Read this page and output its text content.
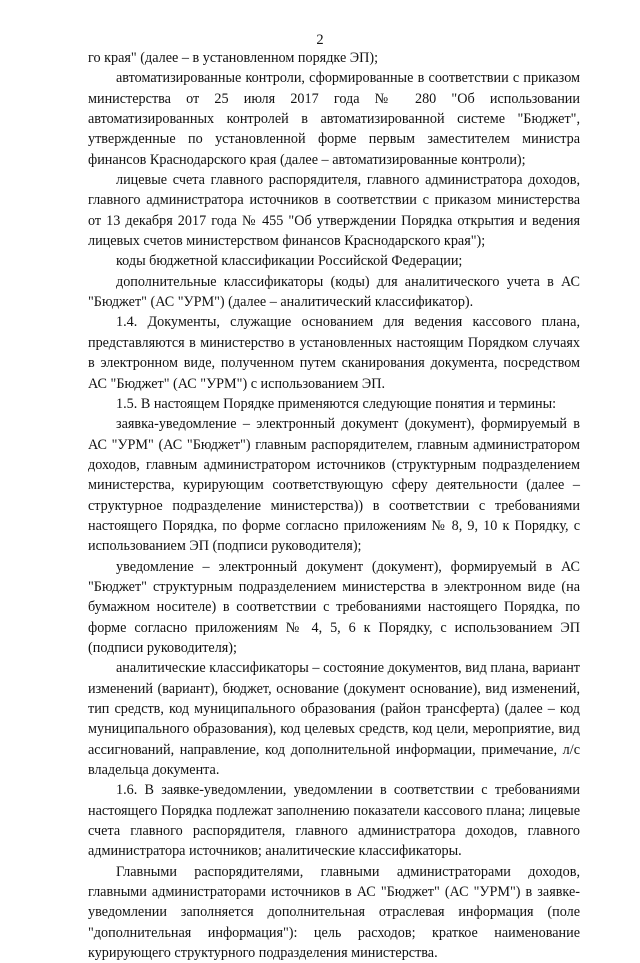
2

го края" (далее – в установленном порядке ЭП);

автоматизированные контроли, сформированные в соответствии с приказом министерства от 25 июля 2017 года № 280 "Об использовании автоматизированных контролей в автоматизированной системе "Бюджет", утвержденные по установленной форме первым заместителем министра финансов Краснодарского края (далее – автоматизированные контроли);

лицевые счета главного распорядителя, главного администратора доходов, главного администратора источников в соответствии с приказом министерства от 13 декабря 2017 года № 455 "Об утверждении Порядка открытия и ведения лицевых счетов министерством финансов Краснодарского края");

коды бюджетной классификации Российской Федерации;

дополнительные классификаторы (коды) для аналитического учета в АС "Бюджет" (АС "УРМ") (далее – аналитический классификатор).

1.4. Документы, служащие основанием для ведения кассового плана, представляются в министерство в установленных настоящим Порядком случаях в электронном виде, полученном путем сканирования документа, посредством АС "Бюджет" (АС "УРМ") с использованием ЭП.

1.5. В настоящем Порядке применяются следующие понятия и термины:

заявка-уведомление – электронный документ (документ), формируемый в АС "УРМ" (АС "Бюджет") главным распорядителем, главным администратором доходов, главным администратором источников (структурным подразделением министерства, курирующим соответствующую сферу деятельности (далее – структурное подразделение министерства)) в соответствии с требованиями настоящего Порядка, по форме согласно приложениям № 8, 9, 10 к Порядку, с использованием ЭП (подписи руководителя);

уведомление – электронный документ (документ), формируемый в АС "Бюджет" структурным подразделением министерства в электронном виде (на бумажном носителе) в соответствии с требованиями настоящего Порядка, по форме согласно приложениям № 4, 5, 6 к Порядку, с использованием ЭП (подписи руководителя);

аналитические классификаторы – состояние документов, вид плана, вариант изменений (вариант), бюджет, основание (документ основание), вид изменений, тип средств, код муниципального образования (район трансферта) (далее – код муниципального образования), код целевых средств, код цели, мероприятие, вид ассигнований, направление, код дополнительной информации, примечание, л/с владельца документа.

1.6. В заявке-уведомлении, уведомлении в соответствии с требованиями настоящего Порядка подлежат заполнению показатели кассового плана; лицевые счета главного распорядителя, главного администратора доходов, главного администратора источников; аналитические классификаторы.

Главными распорядителями, главными администраторами доходов, главными администраторами источников в АС "Бюджет" (АС "УРМ") в заявке-уведомлении заполняется дополнительная отраслевая информация (поле "дополнительная информация"): цель расходов; краткое наименование курирующего структурного подразделения министерства.
